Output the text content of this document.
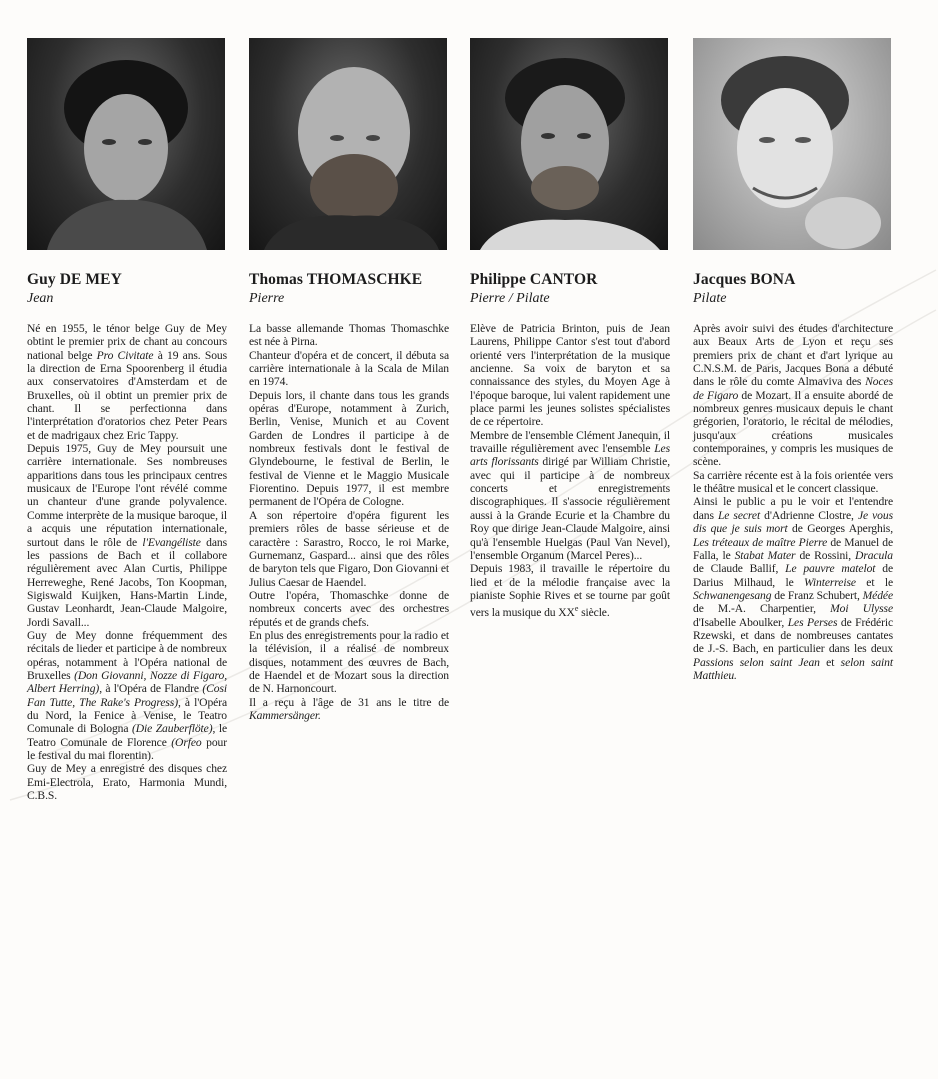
Guy DE MEY
Jean

Né en 1955, le ténor belge Guy de Mey obtint le premier prix de chant au concours national belge Pro Civitate à 19 ans. Sous la direction de Erna Spoorenberg il étudia aux conservatoires d'Amsterdam et de Bruxelles, où il obtint un premier prix de chant. Il se perfectionna dans l'interprétation d'oratorios chez Peter Pears et de madrigaux chez Eric Tappy.

Depuis 1975, Guy de Mey poursuit une carrière internationale. Ses nombreuses apparitions dans tous les principaux centres musicaux de l'Europe l'ont révélé comme un chanteur d'une grande polyvalence. Comme interprète de la musique baroque, il a acquis une réputation internationale, surtout dans le rôle de l'Evangéliste dans les passions de Bach et il collabore régulièrement avec Alan Curtis, Philippe Herreweghe, René Jacobs, Ton Koopman, Sigiswald Kuijken, Hans-Martin Linde, Gustav Leonhardt, Jean-Claude Malgoire, Jordi Savall...

Guy de Mey donne fréquemment des récitals de lieder et participe à de nombreux opéras, notamment à l'Opéra national de Bruxelles (Don Giovanni, Nozze di Figaro, Albert Herring), à l'Opéra de Flandre (Cosi Fan Tutte, The Rake's Progress), à l'Opéra du Nord, la Fenice à Venise, le Teatro Comunale di Bologna (Die Zauberflöte), le Teatro Comunale de Florence (Orfeo pour le festival du mai florentin).

Guy de Mey a enregistré des disques chez Emi-Electrola, Erato, Harmonia Mundi, C.B.S.

Thomas THOMASCHKE
Pierre

La basse allemande Thomas Thomaschke est née à Pirna.

Chanteur d'opéra et de concert, il débuta sa carrière internationale à la Scala de Milan en 1974.

Depuis lors, il chante dans tous les grands opéras d'Europe, notamment à Zurich, Berlin, Venise, Munich et au Covent Garden de Londres il participe à de nombreux festivals dont le festival de Glyndebourne, le festival de Berlin, le festival de Vienne et le Maggio Musicale Fiorentino. Depuis 1977, il est membre permanent de l'Opéra de Cologne.

A son répertoire d'opéra figurent les premiers rôles de basse sérieuse et de caractère : Sarastro, Rocco, le roi Marke, Gurnemanz, Gaspard... ainsi que des rôles de baryton tels que Figaro, Don Giovanni et Julius Caesar de Haendel.

Outre l'opéra, Thomaschke donne de nombreux concerts avec des orchestres réputés et de grands chefs.

En plus des enregistrements pour la radio et la télévision, il a réalisé de nombreux disques, notamment des œuvres de Bach, de Haendel et de Mozart sous la direction de N. Harnoncourt.

Il a reçu à l'âge de 31 ans le titre de Kammersänger.

Philippe CANTOR
Pierre / Pilate

Elève de Patricia Brinton, puis de Jean Laurens, Philippe Cantor s'est tout d'abord orienté vers l'interprétation de la musique ancienne. Sa voix de baryton et sa connaissance des styles, du Moyen Age à l'époque baroque, lui valent rapidement une place parmi les jeunes solistes spécialistes de ce répertoire.

Membre de l'ensemble Clément Janequin, il travaille régulièrement avec l'ensemble Les arts florissants dirigé par William Christie, avec qui il participe à de nombreux concerts et enregistrements discographiques. Il s'associe régulièrement aussi à la Grande Ecurie et la Chambre du Roy que dirige Jean-Claude Malgoire, ainsi qu'à l'ensemble Huelgas (Paul Van Nevel), l'ensemble Organum (Marcel Peres)...

Depuis 1983, il travaille le répertoire du lied et de la mélodie française avec la pianiste Sophie Rives et se tourne par goût vers la musique du XXe siècle.

Jacques BONA
Pilate

Après avoir suivi des études d'architecture aux Beaux Arts de Lyon et reçu ses premiers prix de chant et d'art lyrique au C.N.S.M. de Paris, Jacques Bona a débuté dans le rôle du comte Almaviva des Noces de Figaro de Mozart. Il a ensuite abordé de nombreux genres musicaux depuis le chant grégorien, l'oratorio, le récital de mélodies, jusqu'aux créations musicales contemporaines, y compris les musiques de scène.

Sa carrière récente est à la fois orientée vers le théâtre musical et le concert classique.

Ainsi le public a pu le voir et l'entendre dans Le secret d'Adrienne Clostre, Je vous dis que je suis mort de Georges Aperghis, Les tréteaux de maître Pierre de Manuel de Falla, le Stabat Mater de Rossini, Dracula de Claude Ballif, Le pauvre matelot de Darius Milhaud, le Winterreise et le Schwanengesang de Franz Schubert, Médée de M.-A. Charpentier, Moi Ulysse d'Isabelle Aboulker, Les Perses de Frédéric Rzewski, et dans de nombreuses cantates de J.-S. Bach, en particulier dans les deux Passions selon saint Jean et selon saint Matthieu.
